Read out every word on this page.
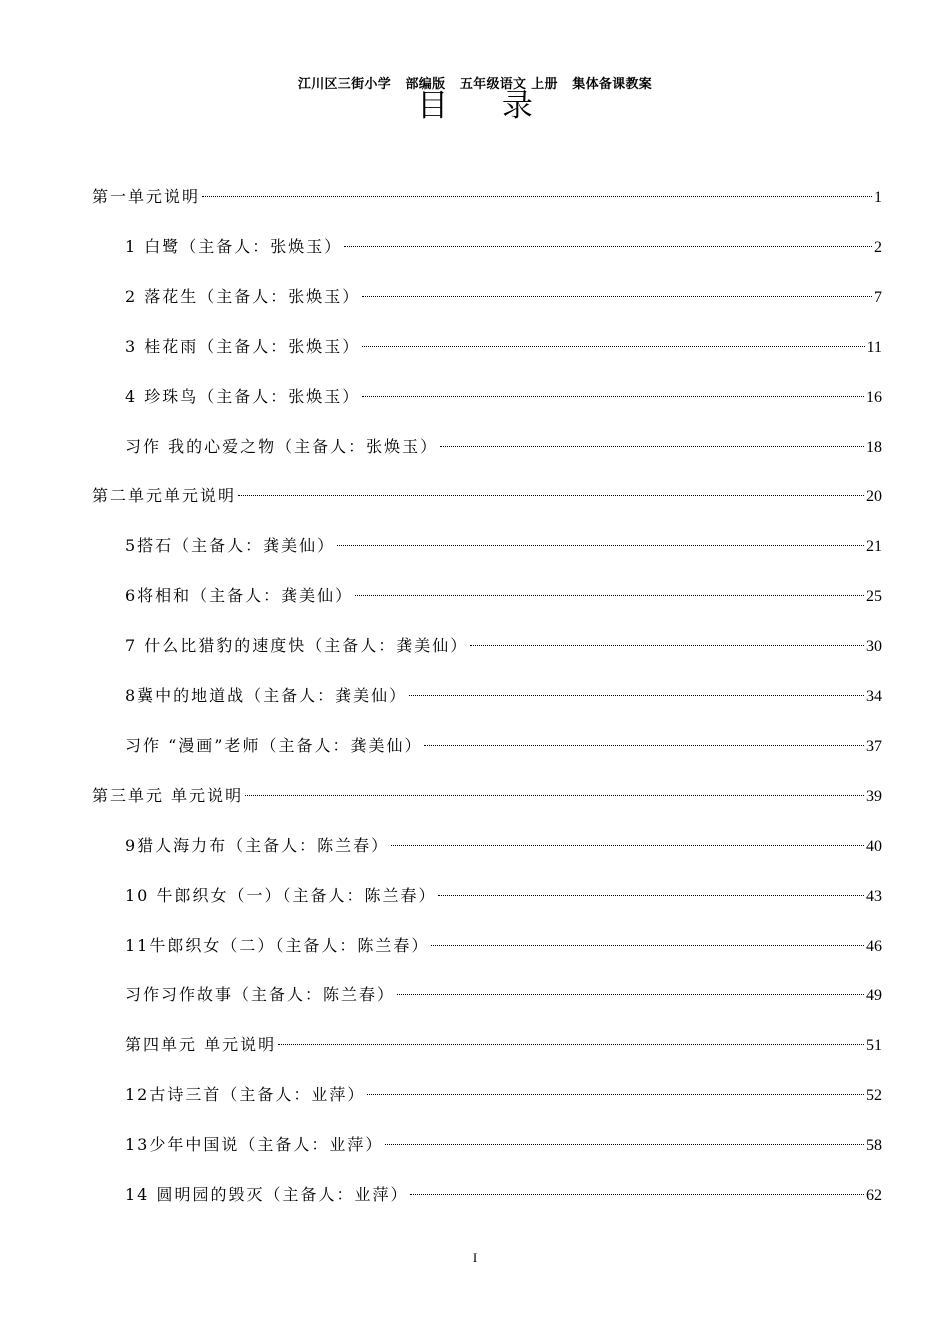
江川区三街小学   部编版   五年级语文 上册   集体备课教案
目 录
第一单元说明	1
1 白鹭（主备人：张焕玉）	2
2 落花生（主备人：张焕玉）	7
3 桂花雨（主备人：张焕玉）	11
4 珍珠鸟（主备人：张焕玉）	16
习作 我的心爱之物（主备人：张焕玉）	18
第二单元单元说明	20
5搭石（主备人：龚美仙）	21
6将相和（主备人：龚美仙）	25
7 什么比猎豹的速度快（主备人：龚美仙）	30
8冀中的地道战（主备人：龚美仙）	34
习作 “漫画”老师（主备人：龚美仙）	37
第三单元 单元说明	39
9猎人海力布（主备人：陈兰春）	40
10 牛郎织女（一）（主备人：陈兰春）	43
11牛郎织女（二）（主备人：陈兰春）	46
习作习作故事（主备人：陈兰春）	49
第四单元 单元说明	51
12古诗三首（主备人：业萍）	52
13少年中国说（主备人：业萍）	58
14 圆明园的毁灭（主备人：业萍）	62
I
